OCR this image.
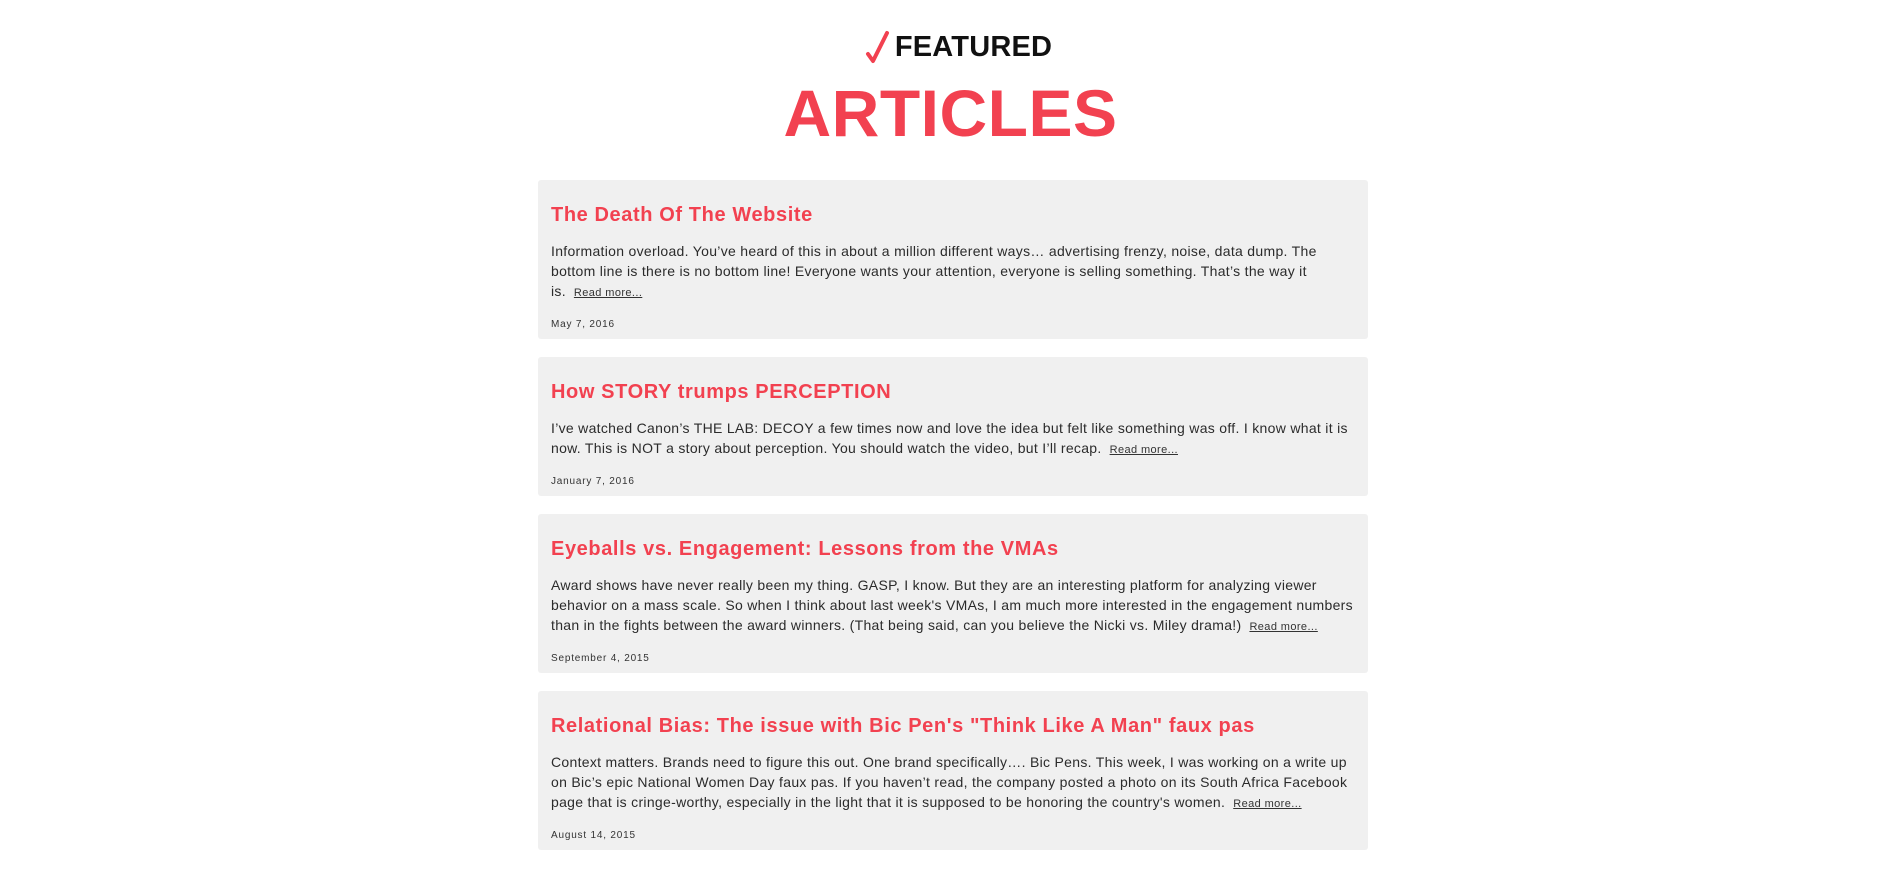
FEATURED
ARTICLES
The Death Of The Website
Information overload. You’ve heard of this in about a million different ways… advertising frenzy, noise, data dump. The bottom line is there is no bottom line! Everyone wants your attention, everyone is selling something. That’s the way it is. Read more...
May 7, 2016
How STORY trumps PERCEPTION
I’ve watched Canon’s THE LAB: DECOY a few times now and love the idea but felt like something was off. I know what it is now. This is NOT a story about perception. You should watch the video, but I’ll recap. Read more...
January 7, 2016
Eyeballs vs. Engagement: Lessons from the VMAs
Award shows have never really been my thing. GASP, I know. But they are an interesting platform for analyzing viewer behavior on a mass scale. So when I think about last week's VMAs, I am much more interested in the engagement numbers than in the fights between the award winners. (That being said, can you believe the Nicki vs. Miley drama!) Read more...
September 4, 2015
Relational Bias: The issue with Bic Pen's "Think Like A Man" faux pas
Context matters. Brands need to figure this out. One brand specifically…. Bic Pens. This week, I was working on a write up on Bic’s epic National Women Day faux pas. If you haven’t read, the company posted a photo on its South Africa Facebook page that is cringe-worthy, especially in the light that it is supposed to be honoring the country's women. Read more...
August 14, 2015
